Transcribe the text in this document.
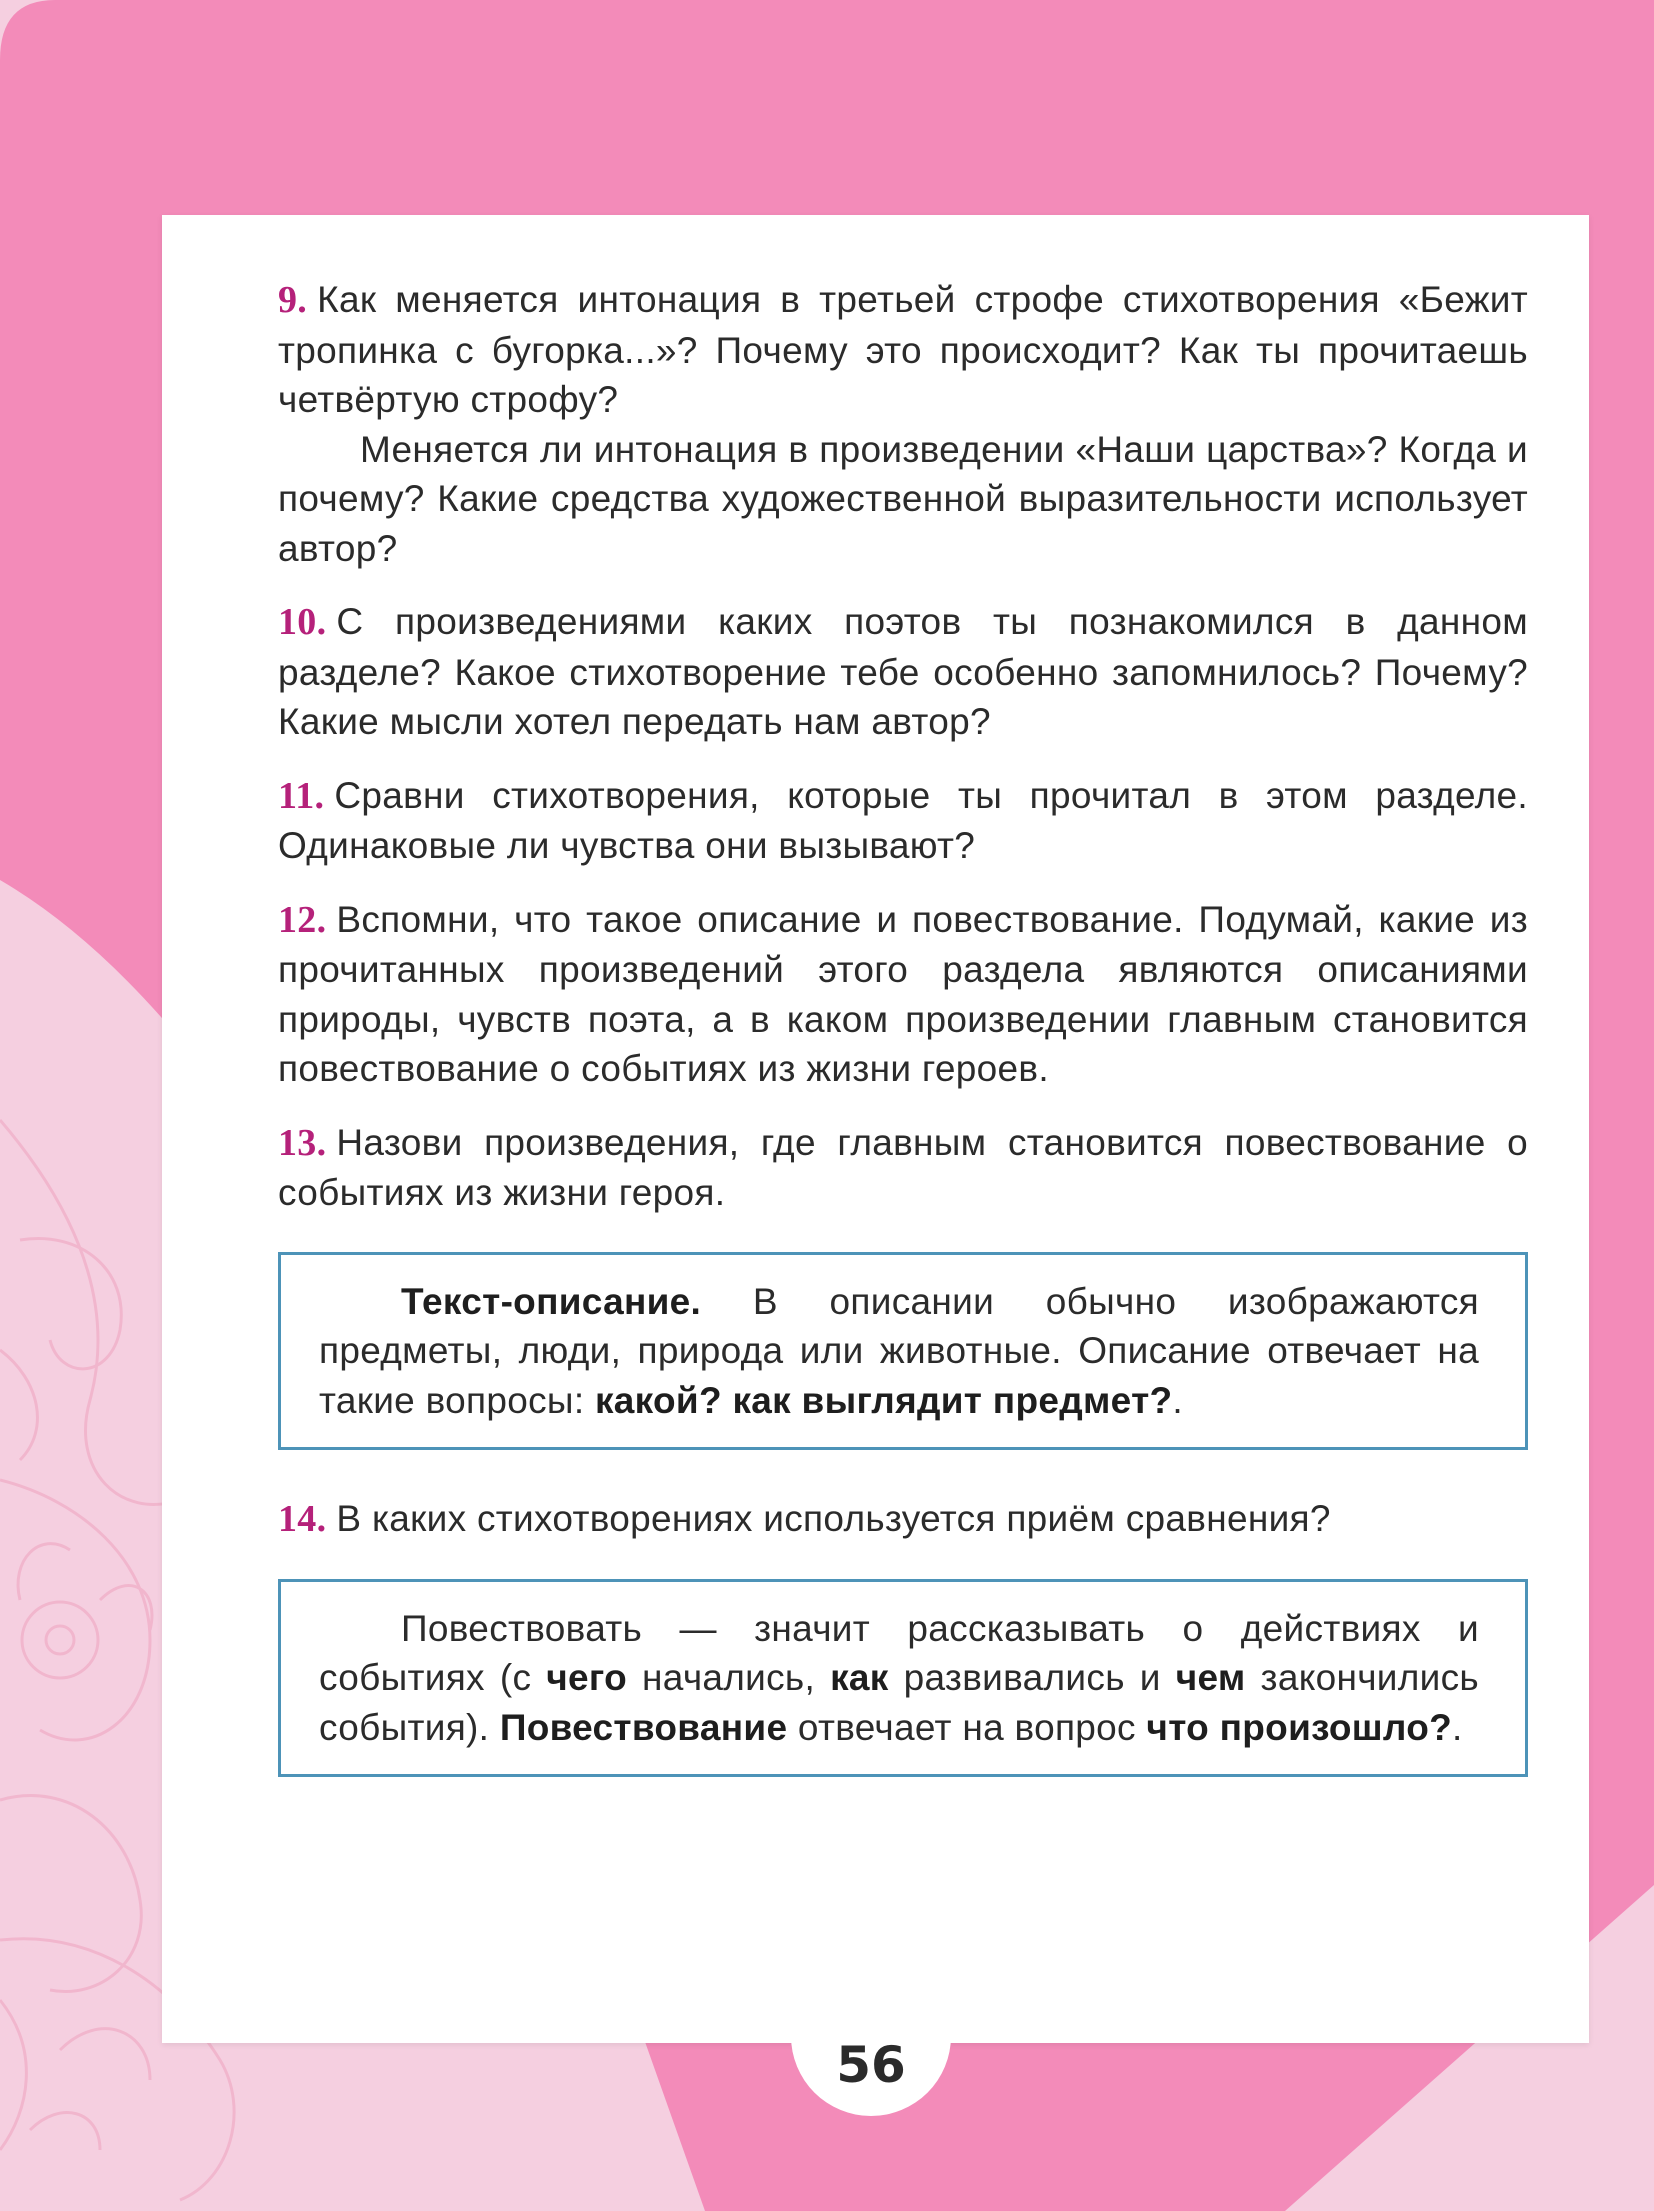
9. Как меняется интонация в третьей строфе стихотворения «Бежит тропинка с бугорка...»? Почему это происходит? Как ты прочитаешь четвёртую строфу?

Меняется ли интонация в произведении «Наши царства»? Когда и почему? Какие средства художественной выразительности использует автор?

10. С произведениями каких поэтов ты познакомился в данном разделе? Какое стихотворение тебе особенно запомнилось? Почему? Какие мысли хотел передать нам автор?

11. Сравни стихотворения, которые ты прочитал в этом разделе. Одинаковые ли чувства они вызывают?

12. Вспомни, что такое описание и повествование. Подумай, какие из прочитанных произведений этого раздела являются описаниями природы, чувств поэта, а в каком произведении главным становится повествование о событиях из жизни героев.

13. Назови произведения, где главным становится повествование о событиях из жизни героя.

Текст-описание. В описании обычно изображаются предметы, люди, природа или животные. Описание отвечает на такие вопросы: какой? как выглядит предмет?.

14. В каких стихотворениях используется приём сравнения?

Повествовать — значит рассказывать о действиях и событиях (с чего начались, как развивались и чем закончились события). Повествование отвечает на вопрос что произошло?.

56
